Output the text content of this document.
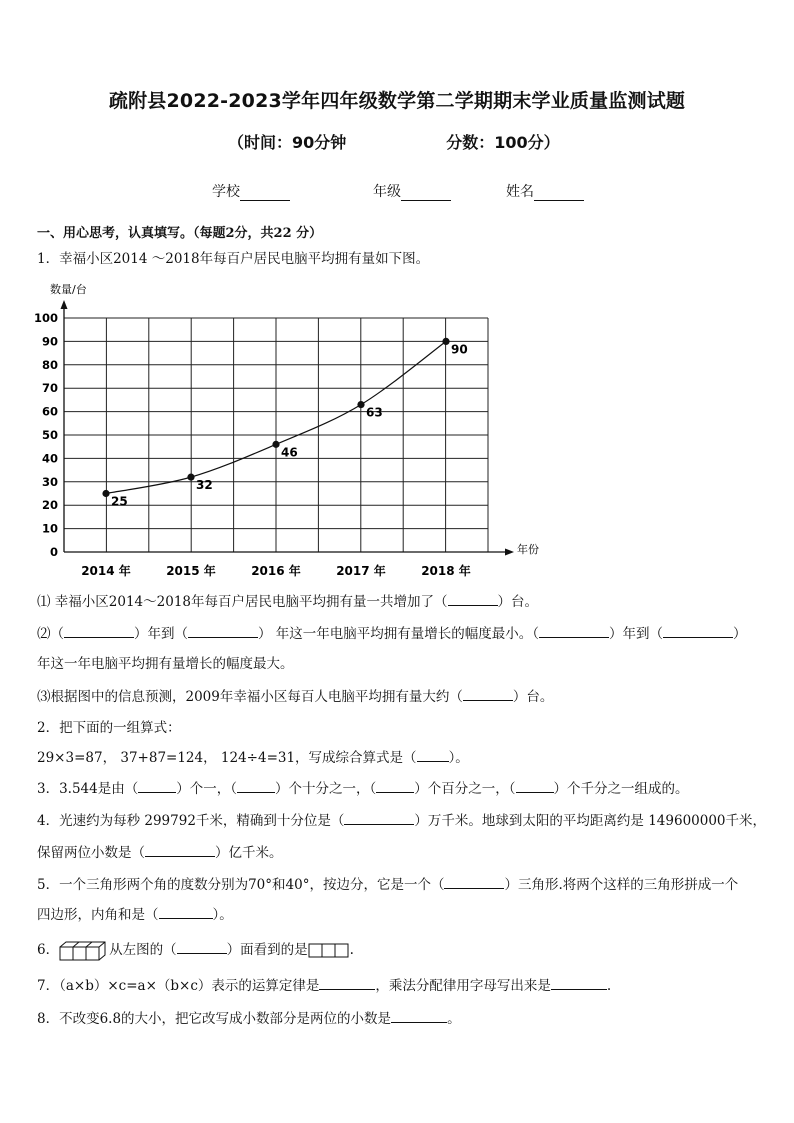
疏附县2022-2023学年四年级数学第二学期期末学业质量监测试题
（时间：90分钟	分数：100分）
学校	年级	姓名
一、用心思考，认真填写。（每题2分，共22 分）
1．幸福小区2014 ～2018年每百户居民电脑平均拥有量如下图。
数量/台
年份
0
10
20
30
40
50
60
70
80
90
100
2014 年	2015 年	2016 年	2017 年	2018 年
25
32
46
63
90
⑴ 幸福小区2014～2018年每百户居民电脑平均拥有量一共增加了（	）台。
⑵（	）年到（	） 年这一年电脑平均拥有量增长的幅度最小。（	）年到（	）
年这一年电脑平均拥有量增长的幅度最大。
⑶根据图中的信息预测，2009年幸福小区每百人电脑平均拥有量大约（	）台。
2．把下面的一组算式：
29×3=87， 37+87=124， 124÷4=31，写成综合算式是（ ）。
3．3.544是由（	）个一，（	）个十分之一，（	）个百分之一，（	）个千分之一组成的。
4．光速约为每秒 299792千米，精确到十分位是（	）万千米。地球到太阳的平均距离约是 149600000千米，
保留两位小数是（	）亿千米。
5．一个三角形两个角的度数分别为70°和40°，按边分，它是一个（	）三角形.将两个这样的三角形拼成一个
四边形，内角和是（	）。
6．	从左图的（	）面看到的是	.
7．（a×b）×c=a×（b×c）表示的运算定律是	，乘法分配律用字母写出来是	.
8．不改变6.8的大小，把它改写成小数部分是两位的小数是	。
